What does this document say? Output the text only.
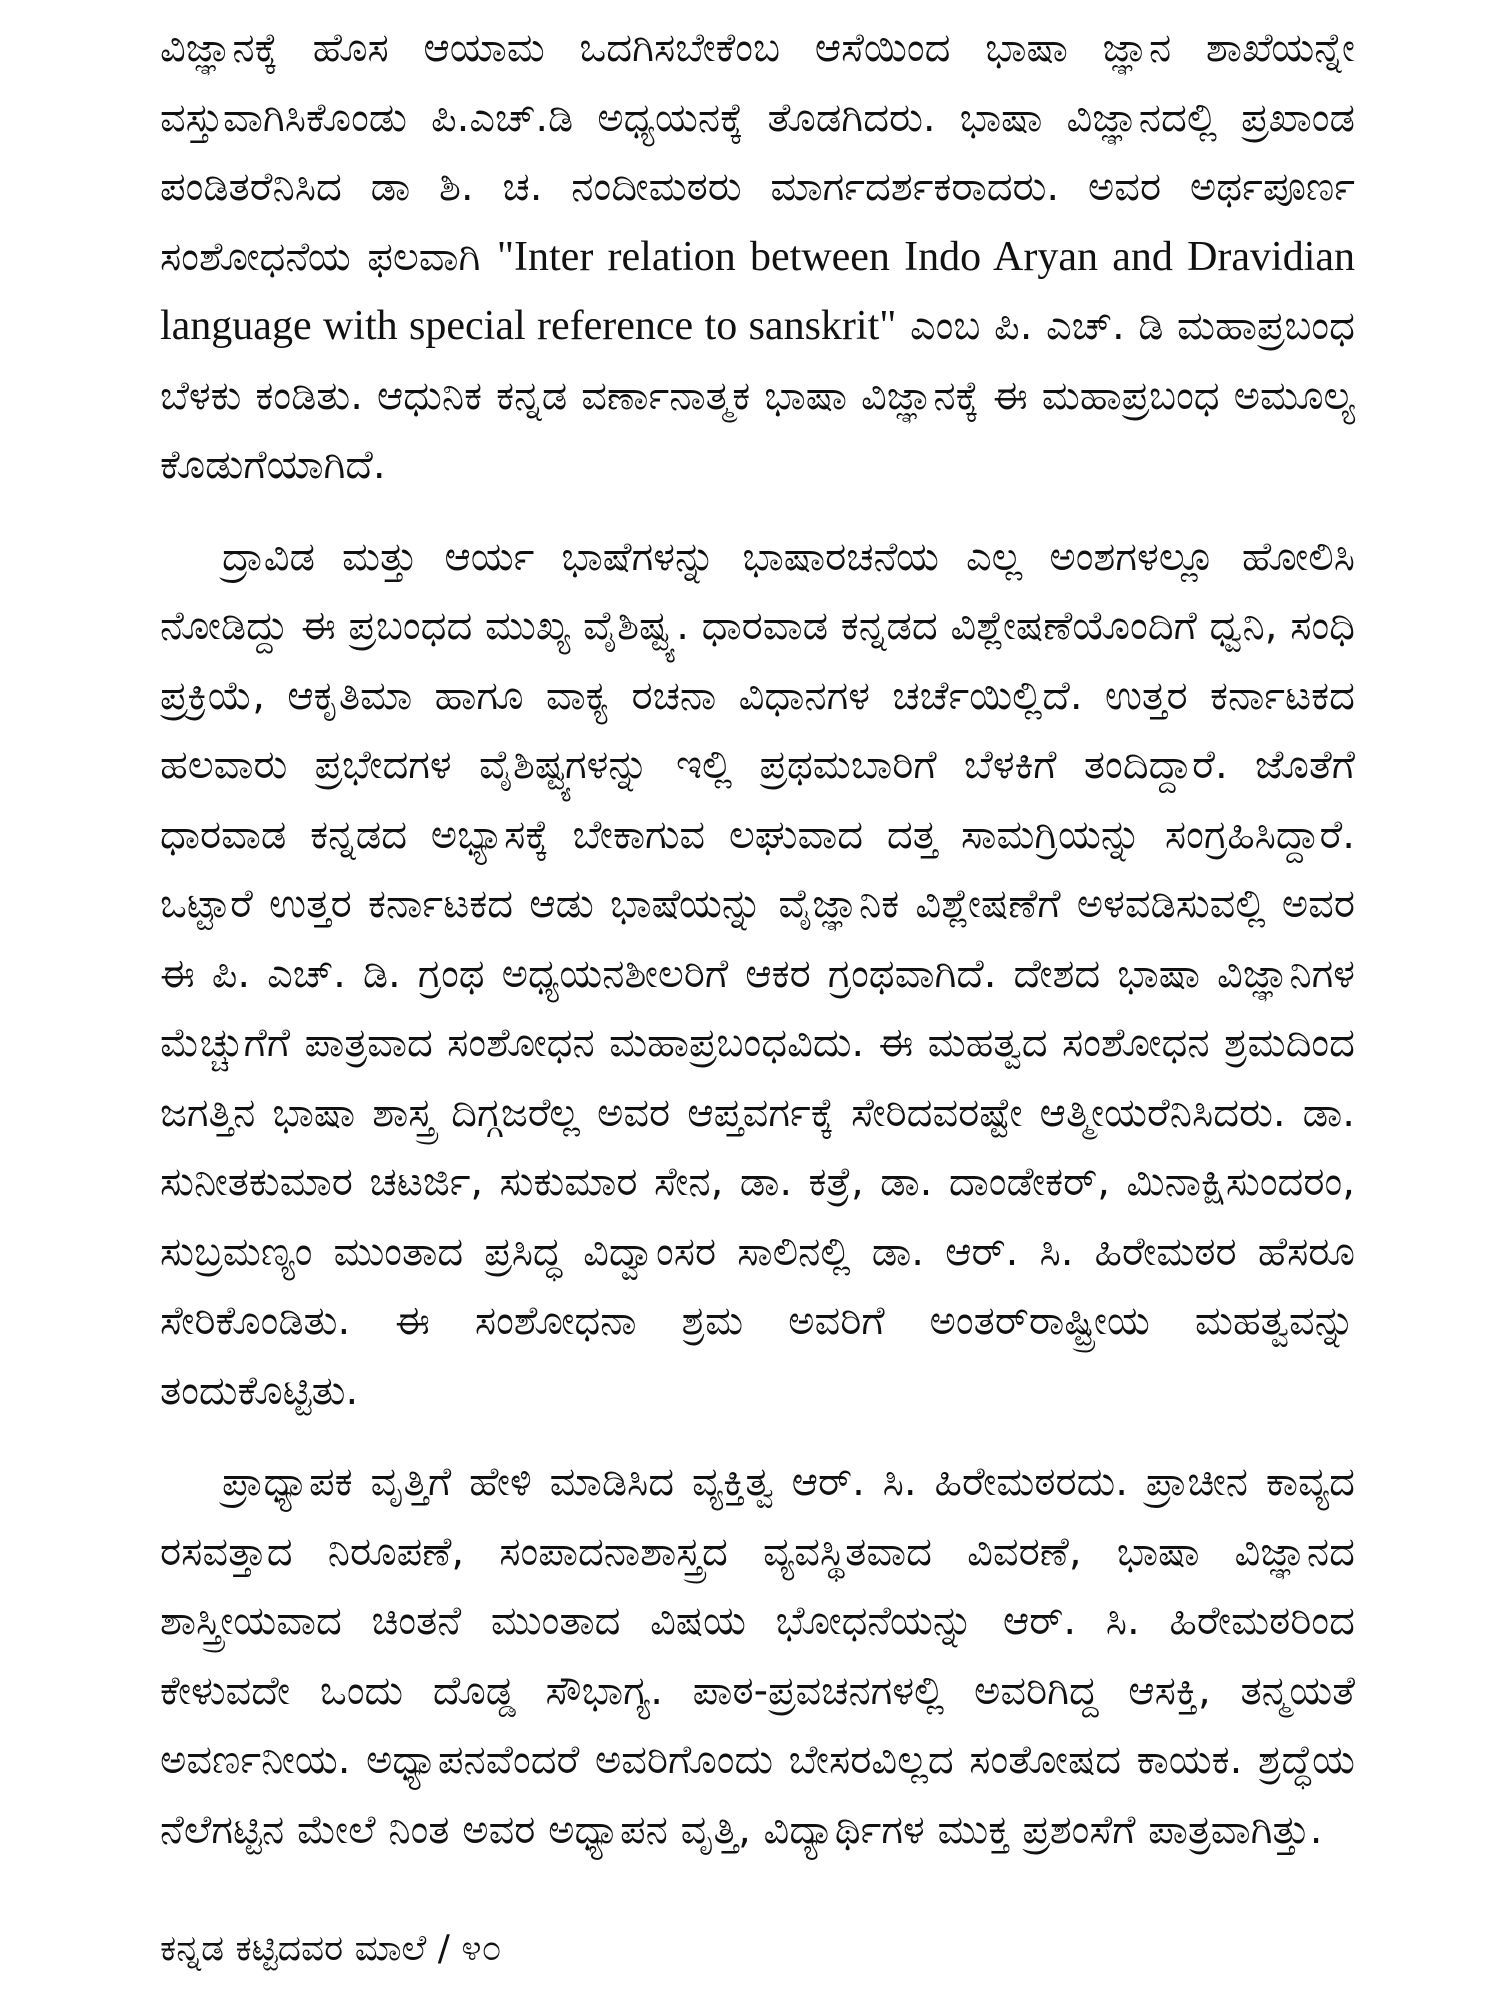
ವಿಜ್ಞಾನಕ್ಕೆ ಹೊಸ ಆಯಾಮ ಒದಗಿಸಬೇಕೆಂಬ ಆಸೆಯಿಂದ ಭಾಷಾ ಜ್ಞಾನ ಶಾಖೆಯನ್ನೇ ವಸ್ತುವಾಗಿಸಿಕೊಂಡು ಪಿ.ಎಚ್.ಡಿ ಅಧ್ಯಯನಕ್ಕೆ ತೊಡಗಿದರು. ಭಾಷಾ ವಿಜ್ಞಾನದಲ್ಲಿ ಪ್ರಖಾಂಡ ಪಂಡಿತರೆನಿಸಿದ ಡಾ ಶಿ. ಚ. ನಂದೀಮಠರು ಮಾರ್ಗದರ್ಶಕರಾದರು. ಅವರ ಅರ್ಥಪೂರ್ಣ ಸಂಶೋಧನೆಯ ಫಲವಾಗಿ "Inter relation between Indo Aryan and Dravidian language with special reference to sanskrit" ಎಂಬ ಪಿ. ಎಚ್. ಡಿ ಮಹಾಪ್ರಬಂಧ ಬೆಳಕು ಕಂಡಿತು. ಆಧುನಿಕ ಕನ್ನಡ ವರ್ಣಾನಾತ್ಮಕ ಭಾಷಾ ವಿಜ್ಞಾನಕ್ಕೆ ಈ ಮಹಾಪ್ರಬಂಧ ಅಮೂಲ್ಯ ಕೊಡುಗೆಯಾಗಿದೆ.

ದ್ರಾವಿಡ ಮತ್ತು ಆರ್ಯ ಭಾಷೆಗಳನ್ನು ಭಾಷಾರಚನೆಯ ಎಲ್ಲ ಅಂಶಗಳಲ್ಲೂ ಹೋಲಿಸಿ ನೋಡಿದ್ದು ಈ ಪ್ರಬಂಧದ ಮುಖ್ಯ ವೈಶಿಷ್ಟ್ಯ. ಧಾರವಾಡ ಕನ್ನಡದ ವಿಶ್ಲೇಷಣೆಯೊಂದಿಗೆ ಧ್ವನಿ, ಸಂಧಿ ಪ್ರಕ್ರಿಯೆ, ಆಕೃತಿಮಾ ಹಾಗೂ ವಾಕ್ಯ ರಚನಾ ವಿಧಾನಗಳ ಚರ್ಚೆಯಿಲ್ಲಿದೆ. ಉತ್ತರ ಕರ್ನಾಟಕದ ಹಲವಾರು ಪ್ರಭೇದಗಳ ವೈಶಿಷ್ಟ್ಯಗಳನ್ನು ಇಲ್ಲಿ ಪ್ರಥಮಬಾರಿಗೆ ಬೆಳಕಿಗೆ ತಂದಿದ್ದಾರೆ. ಜೊತೆಗೆ ಧಾರವಾಡ ಕನ್ನಡದ ಅಭ್ಯಾಸಕ್ಕೆ ಬೇಕಾಗುವ ಲಘುವಾದ ದತ್ತ ಸಾಮಗ್ರಿಯನ್ನು ಸಂಗ್ರಹಿಸಿದ್ದಾರೆ. ಒಟ್ಟಾರೆ ಉತ್ತರ ಕರ್ನಾಟಕದ ಆಡು ಭಾಷೆಯನ್ನು ವೈಜ್ಞಾನಿಕ ವಿಶ್ಲೇಷಣೆಗೆ ಅಳವಡಿಸುವಲ್ಲಿ ಅವರ ಈ ಪಿ. ಎಚ್. ಡಿ. ಗ್ರಂಥ ಅಧ್ಯಯನಶೀಲರಿಗೆ ಆಕರ ಗ್ರಂಥವಾಗಿದೆ. ದೇಶದ ಭಾಷಾ ವಿಜ್ಞಾನಿಗಳ ಮೆಚ್ಚುಗೆಗೆ ಪಾತ್ರವಾದ ಸಂಶೋಧನ ಮಹಾಪ್ರಬಂಧವಿದು. ಈ ಮಹತ್ವದ ಸಂಶೋಧನ ಶ್ರಮದಿಂದ ಜಗತ್ತಿನ ಭಾಷಾ ಶಾಸ್ತ್ರ ದಿಗ್ಗಜರೆಲ್ಲ ಅವರ ಆಪ್ತವರ್ಗಕ್ಕೆ ಸೇರಿದವರಷ್ಟೇ ಆತ್ಮೀಯರೆನಿಸಿದರು. ಡಾ. ಸುನೀತಕುಮಾರ ಚಟರ್ಜಿ, ಸುಕುಮಾರ ಸೇನ, ಡಾ. ಕತ್ರೆ, ಡಾ. ದಾಂಡೇಕರ್, ಮಿನಾಕ್ಷಿಸುಂದರಂ, ಸುಬ್ರಮಣ್ಯಂ ಮುಂತಾದ ಪ್ರಸಿದ್ಧ ವಿದ್ವಾಂಸರ ಸಾಲಿನಲ್ಲಿ ಡಾ. ಆರ್. ಸಿ. ಹಿರೇಮಠರ ಹೆಸರೂ ಸೇರಿಕೊಂಡಿತು. ಈ ಸಂಶೋಧನಾ ಶ್ರಮ ಅವರಿಗೆ ಅಂತರ್‌ರಾಷ್ಟ್ರೀಯ ಮಹತ್ವವನ್ನು ತಂದುಕೊಟ್ಟಿತು.

ಪ್ರಾಧ್ಯಾಪಕ ವೃತ್ತಿಗೆ ಹೇಳಿ ಮಾಡಿಸಿದ ವ್ಯಕ್ತಿತ್ವ ಆರ್. ಸಿ. ಹಿರೇಮಠರದು. ಪ್ರಾಚೀನ ಕಾವ್ಯದ ರಸವತ್ತಾದ ನಿರೂಪಣೆ, ಸಂಪಾದನಾಶಾಸ್ತ್ರದ ವ್ಯವಸ್ಥಿತವಾದ ವಿವರಣೆ, ಭಾಷಾ ವಿಜ್ಞಾನದ ಶಾಸ್ತ್ರೀಯವಾದ ಚಿಂತನೆ ಮುಂತಾದ ವಿಷಯ ಭೋಧನೆಯನ್ನು ಆರ್. ಸಿ. ಹಿರೇಮಠರಿಂದ ಕೇಳುವದೇ ಒಂದು ದೊಡ್ಡ ಸೌಭಾಗ್ಯ. ಪಾಠ-ಪ್ರವಚನಗಳಲ್ಲಿ ಅವರಿಗಿದ್ದ ಆಸಕ್ತಿ, ತನ್ಮಯತೆ ಅವರ್ಣನೀಯ. ಅಧ್ಯಾಪನವೆಂದರೆ ಅವರಿಗೊಂದು ಬೇಸರವಿಲ್ಲದ ಸಂತೋಷದ ಕಾಯಕ. ಶ್ರದ್ಧೆಯ ನೆಲೆಗಟ್ಟಿನ ಮೇಲೆ ನಿಂತ ಅವರ ಅಧ್ಯಾಪನ ವೃತ್ತಿ, ವಿದ್ಯಾರ್ಥಿಗಳ ಮುಕ್ತ ಪ್ರಶಂಸೆಗೆ ಪಾತ್ರವಾಗಿತ್ತು.

ಕನ್ನಡ ಕಟ್ಟಿದವರ ಮಾಲೆ / ೪೦
